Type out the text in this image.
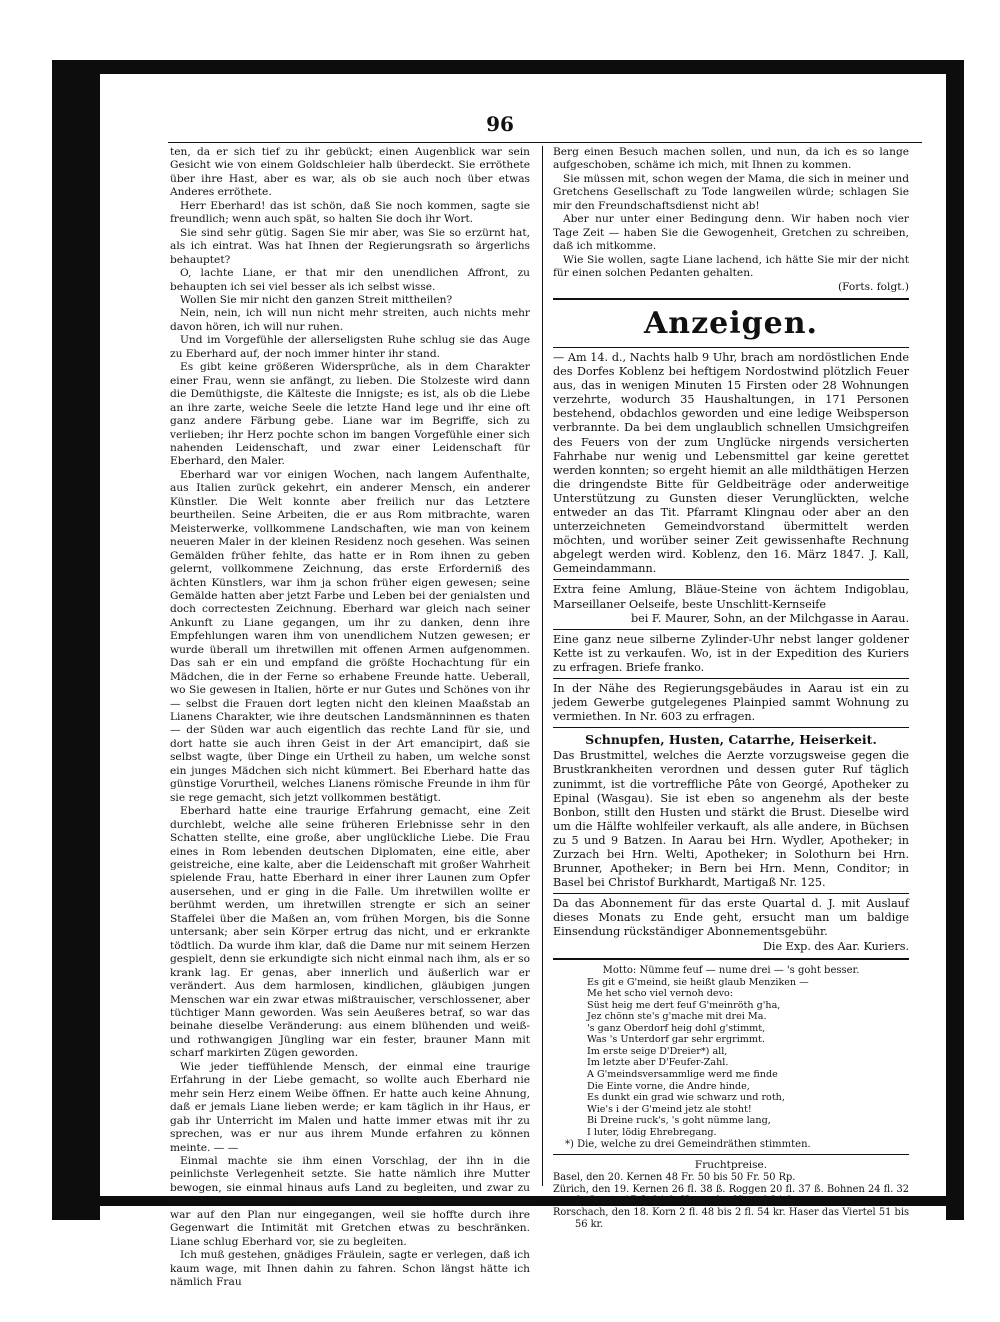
96

ten, da er sich tief zu ihr gebückt; einen Augenblick war sein Gesicht wie von einem Goldschleier halb überdeckt. Sie erröthete über ihre Hast, aber es war, als ob sie auch noch über etwas Anderes erröthete.

Herr Eberhard! das ist schön, daß Sie noch kommen, sagte sie freundlich; wenn auch spät, so halten Sie doch ihr Wort.

Sie sind sehr gütig. Sagen Sie mir aber, was Sie so erzürnt hat, als ich eintrat. Was hat Ihnen der Regierungsrath so ärgerlichs behauptet?

O, lachte Liane, er that mir den unendlichen Affront, zu behaupten ich sei viel besser als ich selbst wisse.

Wollen Sie mir nicht den ganzen Streit mittheilen?

Nein, nein, ich will nun nicht mehr streiten, auch nichts mehr davon hören, ich will nur ruhen.

Und im Vorgefühle der allerseligsten Ruhe schlug sie das Auge zu Eberhard auf, der noch immer hinter ihr stand.

Es gibt keine größeren Widersprüche, als in dem Charakter einer Frau, wenn sie anfängt, zu lieben. Die Stolzeste wird dann die Demüthigste, die Kälteste die Innigste; es ist, als ob die Liebe an ihre zarte, weiche Seele die letzte Hand lege und ihr eine oft ganz andere Färbung gebe. Liane war im Begriffe, sich zu verlieben; ihr Herz pochte schon im bangen Vorgefühle einer sich nahenden Leidenschaft, und zwar einer Leidenschaft für Eberhard, den Maler.

Eberhard war vor einigen Wochen, nach langem Aufenthalte, aus Italien zurück gekehrt, ein anderer Mensch, ein anderer Künstler. Die Welt konnte aber freilich nur das Letztere beurtheilen. Seine Arbeiten, die er aus Rom mitbrachte, waren Meisterwerke, vollkommene Landschaften, wie man von keinem neueren Maler in der kleinen Residenz noch gesehen. Was seinen Gemälden früher fehlte, das hatte er in Rom ihnen zu geben gelernt, vollkommene Zeichnung, das erste Erforderniß des ächten Künstlers, war ihm ja schon früher eigen gewesen; seine Gemälde hatten aber jetzt Farbe und Leben bei der genialsten und doch correctesten Zeichnung. Eberhard war gleich nach seiner Ankunft zu Liane gegangen, um ihr zu danken, denn ihre Empfehlungen waren ihm von unendlichem Nutzen gewesen; er wurde überall um ihretwillen mit offenen Armen aufgenommen. Das sah er ein und empfand die größte Hochachtung für ein Mädchen, die in der Ferne so erhabene Freunde hatte. Ueberall, wo Sie gewesen in Italien, hörte er nur Gutes und Schönes von ihr — selbst die Frauen dort legten nicht den kleinen Maaßstab an Lianens Charakter, wie ihre deutschen Landsmänninnen es thaten — der Süden war auch eigentlich das rechte Land für sie, und dort hatte sie auch ihren Geist in der Art emancipirt, daß sie selbst wagte, über Dinge ein Urtheil zu haben, um welche sonst ein junges Mädchen sich nicht kümmert. Bei Eberhard hatte das günstige Vorurtheil, welches Lianens römische Freunde in ihm für sie rege gemacht, sich jetzt vollkommen bestätigt.

Eberhard hatte eine traurige Erfahrung gemacht, eine Zeit durchlebt, welche alle seine früheren Erlebnisse sehr in den Schatten stellte, eine große, aber unglückliche Liebe. Die Frau eines in Rom lebenden deutschen Diplomaten, eine eitle, aber geistreiche, eine kalte, aber die Leidenschaft mit großer Wahrheit spielende Frau, hatte Eberhard in einer ihrer Launen zum Opfer ausersehen, und er ging in die Falle. Um ihretwillen wollte er berühmt werden, um ihretwillen strengte er sich an seiner Staffelei über die Maßen an, vom frühen Morgen, bis die Sonne untersank; aber sein Körper ertrug das nicht, und er erkrankte tödtlich. Da wurde ihm klar, daß die Dame nur mit seinem Herzen gespielt, denn sie erkundigte sich nicht einmal nach ihm, als er so krank lag. Er genas, aber innerlich und äußerlich war er verändert. Aus dem harmlosen, kindlichen, gläubigen jungen Menschen war ein zwar etwas mißtrauischer, verschlossener, aber tüchtiger Mann geworden. Was sein Aeußeres betraf, so war das beinahe dieselbe Veränderung: aus einem blühenden und weiß- und rothwangigen Jüngling war ein fester, brauner Mann mit scharf markirten Zügen geworden.

Wie jeder tieffühlende Mensch, der einmal eine traurige Erfahrung in der Liebe gemacht, so wollte auch Eberhard nie mehr sein Herz einem Weibe öffnen. Er hatte auch keine Ahnung, daß er jemals Liane lieben werde; er kam täglich in ihr Haus, er gab ihr Unterricht im Malen und hatte immer etwas mit ihr zu sprechen, was er nur aus ihrem Munde erfahren zu können meinte. — —

Einmal machte sie ihm einen Vorschlag, der ihn in die peinlichste Verlegenheit setzte. Sie hatte nämlich ihre Mutter bewogen, sie einmal hinaus aufs Land zu begleiten, und zwar zu Gretchen, bei der sie ein Mittagessen bestellt. Frau von Pahlen war auf den Plan nur eingegangen, weil sie hoffte durch ihre Gegenwart die Intimität mit Gretchen etwas zu beschränken. Liane schlug Eberhard vor, sie zu begleiten.

Ich muß gestehen, gnädiges Fräulein, sagte er verlegen, daß ich kaum wage, mit Ihnen dahin zu fahren. Schon längst hätte ich nämlich Frau

Berg einen Besuch machen sollen, und nun, da ich es so lange aufgeschoben, schäme ich mich, mit Ihnen zu kommen.

Sie müssen mit, schon wegen der Mama, die sich in meiner und Gretchens Gesellschaft zu Tode langweilen würde; schlagen Sie mir den Freundschaftsdienst nicht ab!

Aber nur unter einer Bedingung denn. Wir haben noch vier Tage Zeit — haben Sie die Gewogenheit, Gretchen zu schreiben, daß ich mitkomme.

Wie Sie wollen, sagte Liane lachend, ich hätte Sie mir der nicht für einen solchen Pedanten gehalten.

(Forts. folgt.)

Anzeigen.

— Am 14. d., Nachts halb 9 Uhr, brach am nordöstlichen Ende des Dorfes Koblenz bei heftigem Nordostwind plötzlich Feuer aus, das in wenigen Minuten 15 Firsten oder 28 Wohnungen verzehrte, wodurch 35 Haushaltungen, in 171 Personen bestehend, obdachlos geworden und eine ledige Weibsperson verbrannte. Da bei dem unglaublich schnellen Umsichgreifen des Feuers von der zum Unglücke nirgends versicherten Fahrhabe nur wenig und Lebensmittel gar keine gerettet werden konnten; so ergeht hiemit an alle mildthätigen Herzen die dringendste Bitte für Geldbeiträge oder anderweitige Unterstützung zu Gunsten dieser Verunglückten, welche entweder an das Tit. Pfarramt Klingnau oder aber an den unterzeichneten Gemeindvorstand übermittelt werden möchten, und worüber seiner Zeit gewissenhafte Rechnung abgelegt werden wird. Koblenz, den 16. März 1847. J. Kall, Gemeindammann.

Extra feine Amlung, Bläue-Steine von ächtem Indigoblau, Marseillaner Oelseife, beste Unschlitt-Kernseife

bei F. Maurer, Sohn, an der Milchgasse in Aarau.

Eine ganz neue silberne Zylinder-Uhr nebst langer goldener Kette ist zu verkaufen. Wo, ist in der Expedition des Kuriers zu erfragen. Briefe franko.

In der Nähe des Regierungsgebäudes in Aarau ist ein zu jedem Gewerbe gutgelegenes Plainpied sammt Wohnung zu vermiethen. In Nr. 603 zu erfragen.

Schnupfen, Husten, Catarrhe, Heiserkeit.

Das Brustmittel, welches die Aerzte vorzugsweise gegen die Brustkrankheiten verordnen und dessen guter Ruf täglich zunimmt, ist die vortreffliche Pâte von Georgé, Apotheker zu Epinal (Wasgau). Sie ist eben so angenehm als der beste Bonbon, stillt den Husten und stärkt die Brust. Dieselbe wird um die Hälfte wohlfeiler verkauft, als alle andere, in Büchsen zu 5 und 9 Batzen. In Aarau bei Hrn. Wydler, Apotheker; in Zurzach bei Hrn. Welti, Apotheker; in Solothurn bei Hrn. Brunner, Apotheker; in Bern bei Hrn. Menn, Conditor; in Basel bei Christof Burkhardt, Martigaß Nr. 125.

Da das Abonnement für das erste Quartal d. J. mit Auslauf dieses Monats zu Ende geht, ersucht man um baldige Einsendung rückständiger Abonnementsgebühr.

Die Exp. des Aar. Kuriers.

Motto: Nümme feuf — nume drei — 's goht besser.

Es git e G'meind, sie heißt glaub Menziken —

Me het scho viel vernoh devo:

Süst heig me dert feuf G'meinröth g'ha,

Jez chönn ste's g'mache mit drei Ma.

's ganz Oberdorf heig dohl g'stimmt,

Was 's Unterdorf gar sehr ergrimmt.

Im erste seige D'Dreier*) all,

Im letzte aber D'Feufer-Zahl.

A G'meindsversammlige werd me finde

Die Einte vorne, die Andre hinde,

Es dunkt ein grad wie schwarz und roth,

Wie's i der G'meind jetz ale stoht!

Bi Dreine ruck's, 's goht nümme lang,

I luter, lödig Ehrebregang.

*) Die, welche zu drei Gemeindräthen stimmten.

Fruchtpreise.

Basel, den 20. Kernen 48 Fr. 50 bis 50 Fr. 50 Rp.

Zürich, den 19. Kernen 26 fl. 38 ß. Roggen 20 fl. 37 ß. Bohnen 24 fl. 32 ß. Gerste 17 fl. 24 ß. Haser das Viertel 34 ß.

Rorschach, den 18. Korn 2 fl. 48 bis 2 fl. 54 kr. Haser das Viertel 51 bis 56 kr.
